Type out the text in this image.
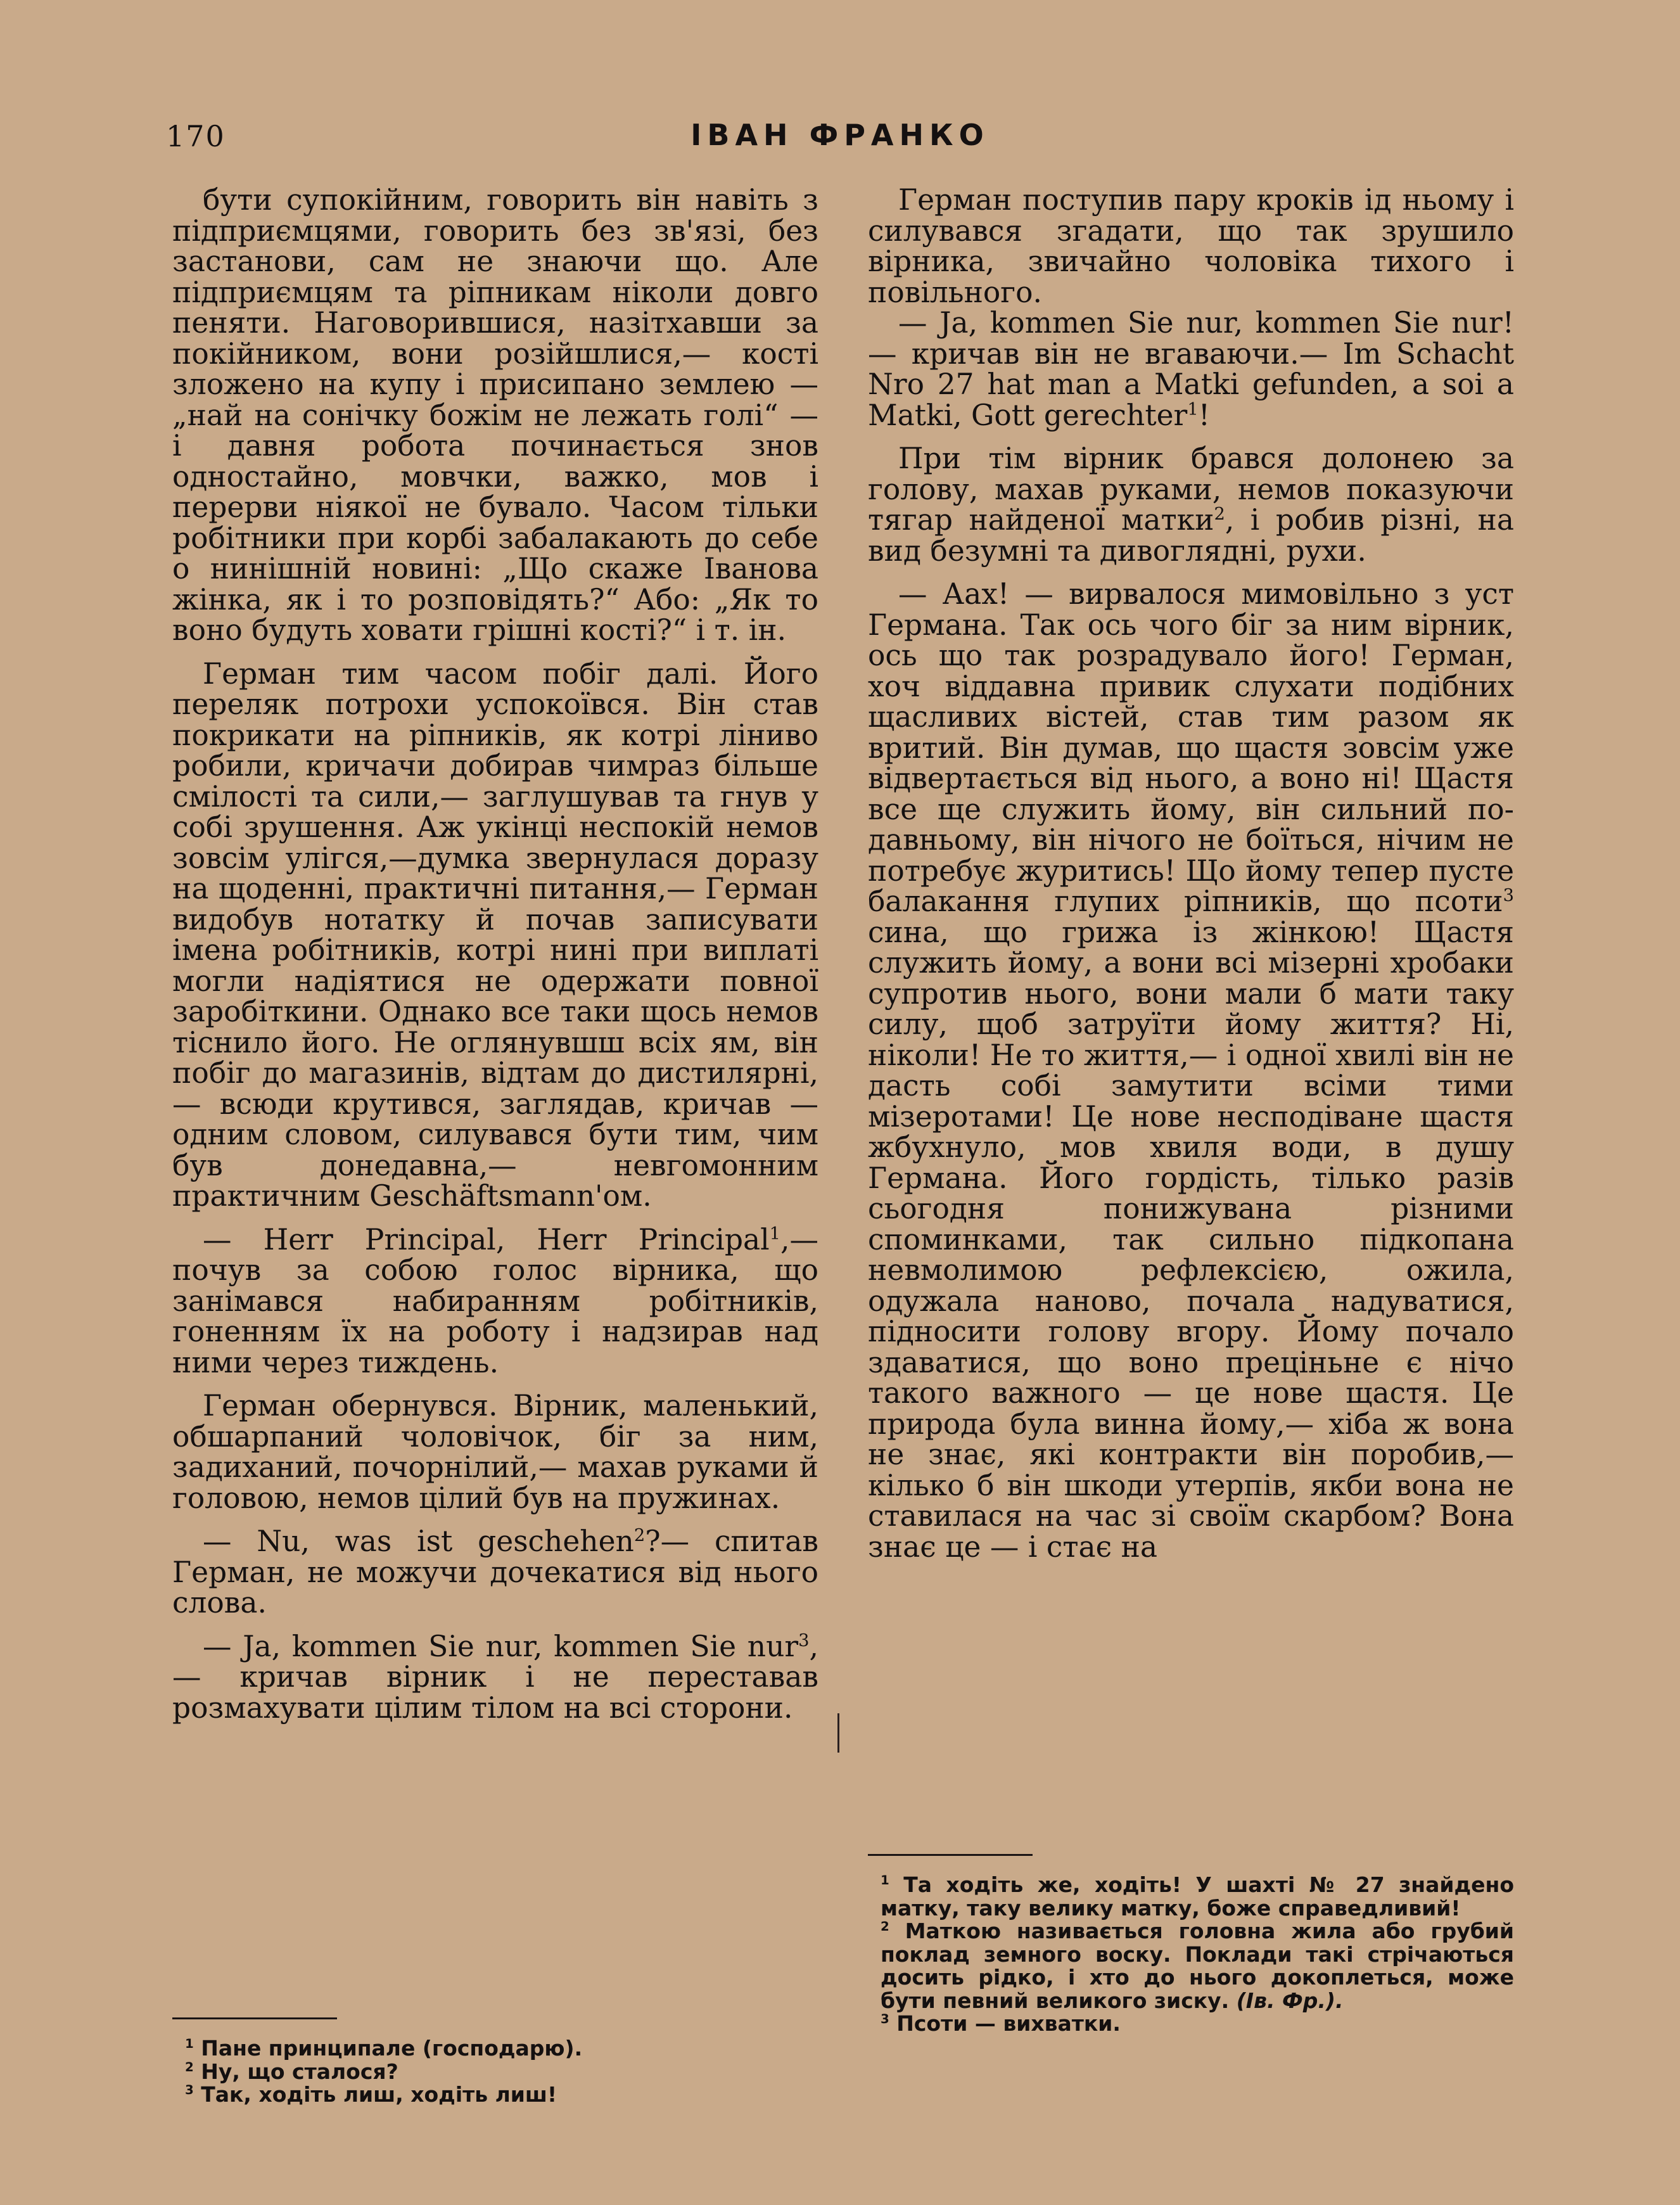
170	ІВАН ФРАНКО

бути супокійним, говорить він навіть з підприємцями, говорить без зв'язі, без застанови, сам не знаючи що. Але підприємцям та ріпникам ніколи довго пеняти. Наговорившися, назітхавши за покійником, вони розійшлися,— кості зложено на купу і присипано землею — „най на сонічку божім не лежать голі“ — і давня робота починається знов одностайно, мовчки, важко, мов і перерви ніякої не бувало. Часом тільки робітники при корбі забалакають до себе о нинішній новині: „Що скаже Іванова жінка, як і то розповідять?“ Або: „Як то воно будуть ховати грішні кості?“ і т. ін.

Герман тим часом побіг далі. Його переляк потрохи успокоївся. Він став покрикати на ріпників, як котрі ліниво робили, кричачи добирав чимраз більше смілості та сили,— заглушував та гнув у собі зрушення. Аж укінці неспокій немов зовсім улігся,—думка звернулася доразу на щоденні, практичні питання,— Герман видобув нотатку й почав записувати імена робітників, котрі нині при виплаті могли надіятися не одержати повної заробіткини. Однако все таки щось немов тіснило його. Не оглянувшш всіх ям, він побіг до магазинів, відтам до дистилярні,— всюди крутився, заглядав, кричав — одним словом, силувався бути тим, чим був донедавна,— невгомонним практичним Geschäftsmann'ом.

— Herr Principal, Herr Principal$^1$,— почув за собою голос вірника, що занімався набиранням робітників, гоненням їх на роботу і надзирав над ними через тиждень.

Герман обернувся. Вірник, маленький, обшарпаний чоловічок, біг за ним, задиханий, почорнілий,— махав руками й головою, немов цілий був на пружинах.

— Nu, was ist geschehen$^2$?— спитав Герман, не можучи дочекатися від нього слова.

— Ja, kommen Sie nur, kommen Sie nur$^3$,— кричав вірник і не переставав розмахувати цілим тілом на всі сторони.

Герман поступив пару кроків ід ньому і силувався згадати, що так зрушило вірника, звичайно чоловіка тихого і повільного.

— Ja, kommen Sie nur, kommen Sie nur! — кричав він не вгаваючи.— Im Schacht Nro 27 hat man a Matki gefunden, a soi a Matki, Gott gerechter$^1$!

При тім вірник брався долонею за голову, махав руками, немов показуючи тягар найденої матки$^2$, і робив різні, на вид безумні та дивоглядні, рухи.

— Аах! — вирвалося мимовільно з уст Германа. Так ось чого біг за ним вірник, ось що так розрадувало його! Герман, хоч віддавна привик слухати подібних щасливих вістей, став тим разом як вритий. Він думав, що щастя зовсім уже відвертається від нього, а воно ні! Щастя все ще служить йому, він сильний по-давньому, він нічого не боїться, нічим не потребує журитись! Що йому тепер пусте балакання глупих ріпників, що псоти$^3$ сина, що грижа із жінкою! Щастя служить йому, а вони всі мізерні хробаки супротив нього, вони мали б мати таку силу, щоб затруїти йому життя? Ні, ніколи! Не то життя,— і одної хвилі він не дасть собі замутити всіми тими мізеротами! Це нове несподіване щастя жбухнуло, мов хвиля води, в душу Германа. Його гордість, тілько разів сьогодня понижувана різними споминками, так сильно підкопана невмолимою рефлексією, ожила, одужала наново, почала надуватися, підносити голову вгору. Йому почало здаватися, що воно преціньне є нічо такого важного — це нове щастя. Це природа була винна йому,— хіба ж вона не знає, які контракти він поробив,— кілько б він шкоди утерпів, якби вона не ставилася на час зі своїм скарбом? Вона знає це — і стає на

$^1$ Пане принципале (господарю).

$^2$ Ну, що сталося?

$^3$ Так, ходіть лиш, ходіть лиш!

$^1$ Та ходіть же, ходіть! У шахті № 27 знайдено матку, таку велику матку, боже справедливий!

$^2$ Маткою називається головна жила або грубий поклад земного воску. Поклади такі стрічаються досить рідко, і хто до нього докоплеться, може бути певний великого зиску. (Ів. Фр.).

$^3$ Псоти — вихватки.
